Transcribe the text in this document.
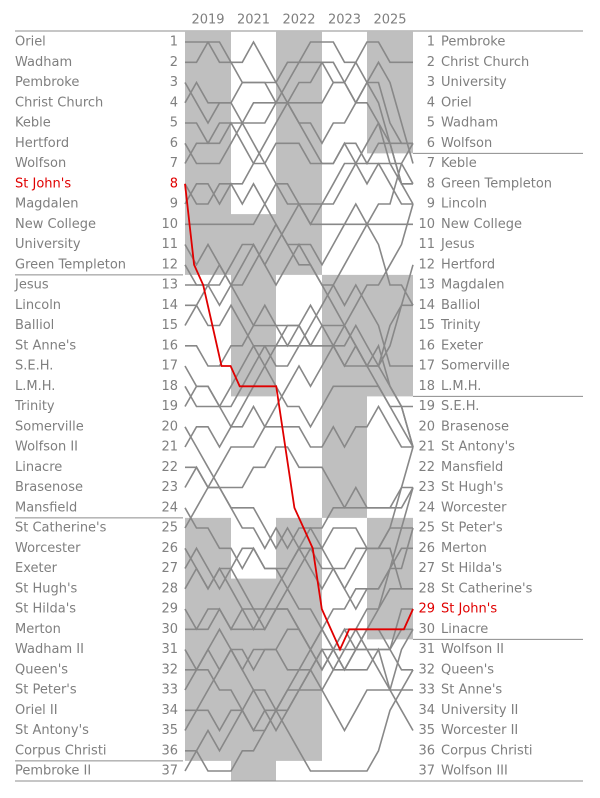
2019 2021 2022 2023 2025
Oriel	1
Wadham	2
Pembroke	3
Christ Church	4
Keble	5
Hertford	6
Wolfson	7
St John's	8
Magdalen	9
New College	10
University	11
Green Templeton	12
Jesus	13
Lincoln	14
Balliol	15
St Anne's	16
S.E.H.	17
L.M.H.	18
Trinity	19
Somerville	20
Wolfson II	21
Linacre	22
Brasenose	23
Mansfield	24
St Catherine's	25
Worcester	26
Exeter	27
St Hugh's	28
St Hilda's	29
Merton	30
Wadham II	31
Queen's	32
St Peter's	33
Oriel II	34
St Antony's	35
Corpus Christi	36
Pembroke II	37
1 Pembroke
2 Christ Church
3 University
4 Oriel
5 Wadham
6 Wolfson
7 Keble
8 Green Templeton
9 Lincoln
10 New College
11 Jesus
12 Hertford
13 Magdalen
14 Balliol
15 Trinity
16 Exeter
17 Somerville
18 L.M.H.
19 S.E.H.
20 Brasenose
21 St Antony's
22 Mansfield
23 St Hugh's
24 Worcester
25 St Peter's
26 Merton
27 St Hilda's
28 St Catherine's
29 St John's
30 Linacre
31 Wolfson II
32 Queen's
33 St Anne's
34 University II
35 Worcester II
36 Corpus Christi
37 Wolfson III
